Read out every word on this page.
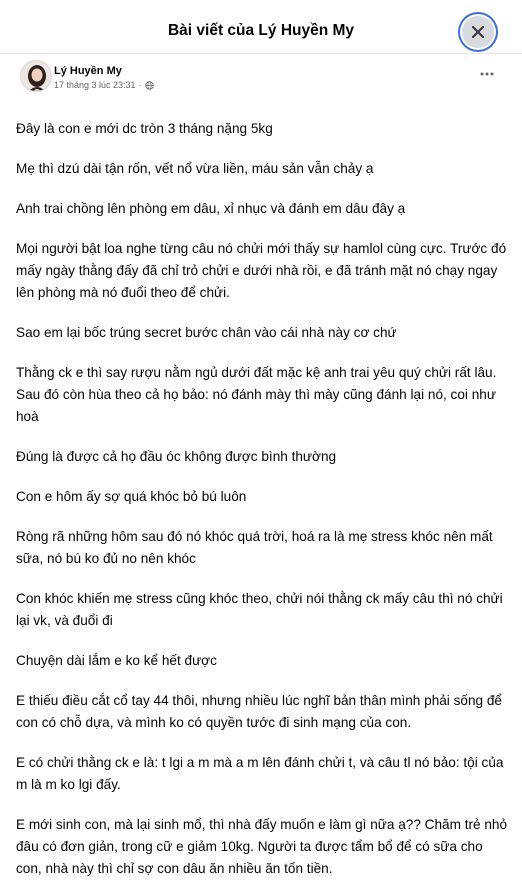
Bài viết của Lý Huyền My
Lý Huyền My
17 tháng 3 lúc 23:31 ·

Đây là con e mới dc tròn 3 tháng nặng 5kg

Mẹ thì dzú dài tận rốn, vết nổ vừa liền, máu sản vẫn chảy ạ

Anh trai chồng lên phòng em dâu, xỉ nhục và đánh em dâu đây ạ

Mọi người bật loa nghe từng câu nó chửi mới thấy sự hamlol cùng cực. Trước đó mấy ngày thằng đấy đã chỉ trỏ chửi e dưới nhà rồi, e đã tránh mặt nó chạy ngay lên phòng mà nó đuổi theo để chửi.

Sao em lại bốc trúng secret bước chân vào cái nhà này cơ chứ

Thằng ck e thì say rượu nằm ngủ dưới đất mặc kệ anh trai yêu quý chửi rất lâu. Sau đó còn hùa theo cả họ bảo: nó đánh mày thì mày cũng đánh lại nó, coi như hoà

Đúng là được cả họ đầu óc không được bình thường

Con e hôm ấy sợ quá khóc bỏ bú luôn

Ròng rã những hôm sau đó nó khóc quá trời, hoá ra là mẹ stress khóc nên mất sữa, nó bú ko đủ no nên khóc

Con khóc khiến mẹ stress cũng khóc theo, chửi nói thằng ck mấy câu thì nó chửi lại vk, và đuổi đi

Chuyện dài lắm e ko kể hết được

E thiếu điều cắt cổ tay 44 thôi, nhưng nhiều lúc nghĩ bản thân mình phải sống để con có chỗ dựa, và mình ko có quyền tước đi sinh mạng của con.

E có chửi thằng ck e là: t lgi a m mà a m lên đánh chửi t, và câu tl nó bảo: tội của m là m ko lgi đấy.

E mới sinh con, mà lại sinh mổ, thì nhà đấy muốn e làm gì nữa ạ?? Chăm trẻ nhỏ đâu có đơn giản, trong cữ e giảm 10kg. Người ta được tẩm bổ để có sữa cho con, nhà này thì chỉ sợ con dâu ăn nhiều ăn tốn tiền.
